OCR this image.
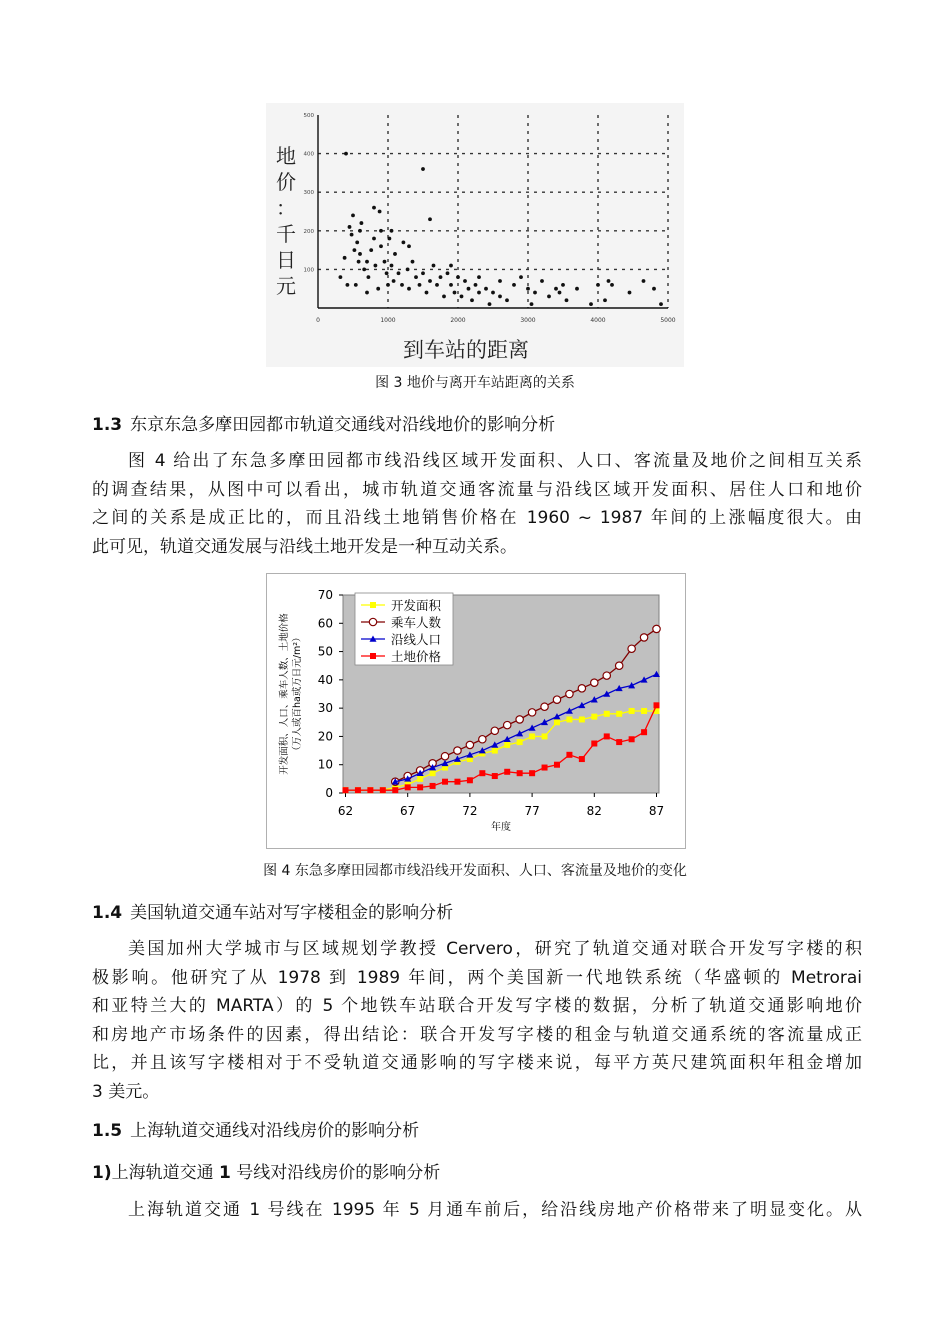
0	1000	2000	3000	4000	5000
100
200
300
400
500
地
价
：
千
日
元
到车站的距离
图 3 地价与离开车站距离的关系
1.3 东京东急多摩田园都市轨道交通线对沿线地价的影响分析
图 4 给出了东急多摩田园都市线沿线区域开发面积、人口、客流量及地价之间相互关系
的调查结果，从图中可以看出，城市轨道交通客流量与沿线区域开发面积、居住人口和地价
之间的关系是成正比的，而且沿线土地销售价格在 1960 ~ 1987 年间的上涨幅度很大。由
此可见，轨道交通发展与沿线土地开发是一种互动关系。
0
10
20
30
40
50
60
70
62	67	72	77	82	87
开发面积
乘车人数
沿线人口
土地价格
开发面积、人口、乘车人数、土地价格 （万人或百ha或万日元/m²）
年度
图 4 东急多摩田园都市线沿线开发面积、人口、客流量及地价的变化
1.4 美国轨道交通车站对写字楼租金的影响分析
美国加州大学城市与区域规划学教授 Cervero，研究了轨道交通对联合开发写字楼的积
极影响。他研究了从 1978 到 1989 年间，两个美国新一代地铁系统（华盛顿的 Metrorai
和亚特兰大的 MARTA）的 5 个地铁车站联合开发写字楼的数据，分析了轨道交通影响地价
和房地产市场条件的因素，得出结论：联合开发写字楼的租金与轨道交通系统的客流量成正
比，并且该写字楼相对于不受轨道交通影响的写字楼来说，每平方英尺建筑面积年租金增加
3 美元。
1.5 上海轨道交通线对沿线房价的影响分析
1)上海轨道交通 1 号线对沿线房价的影响分析
上海轨道交通 1 号线在 1995 年 5 月通车前后，给沿线房地产价格带来了明显变化。从
